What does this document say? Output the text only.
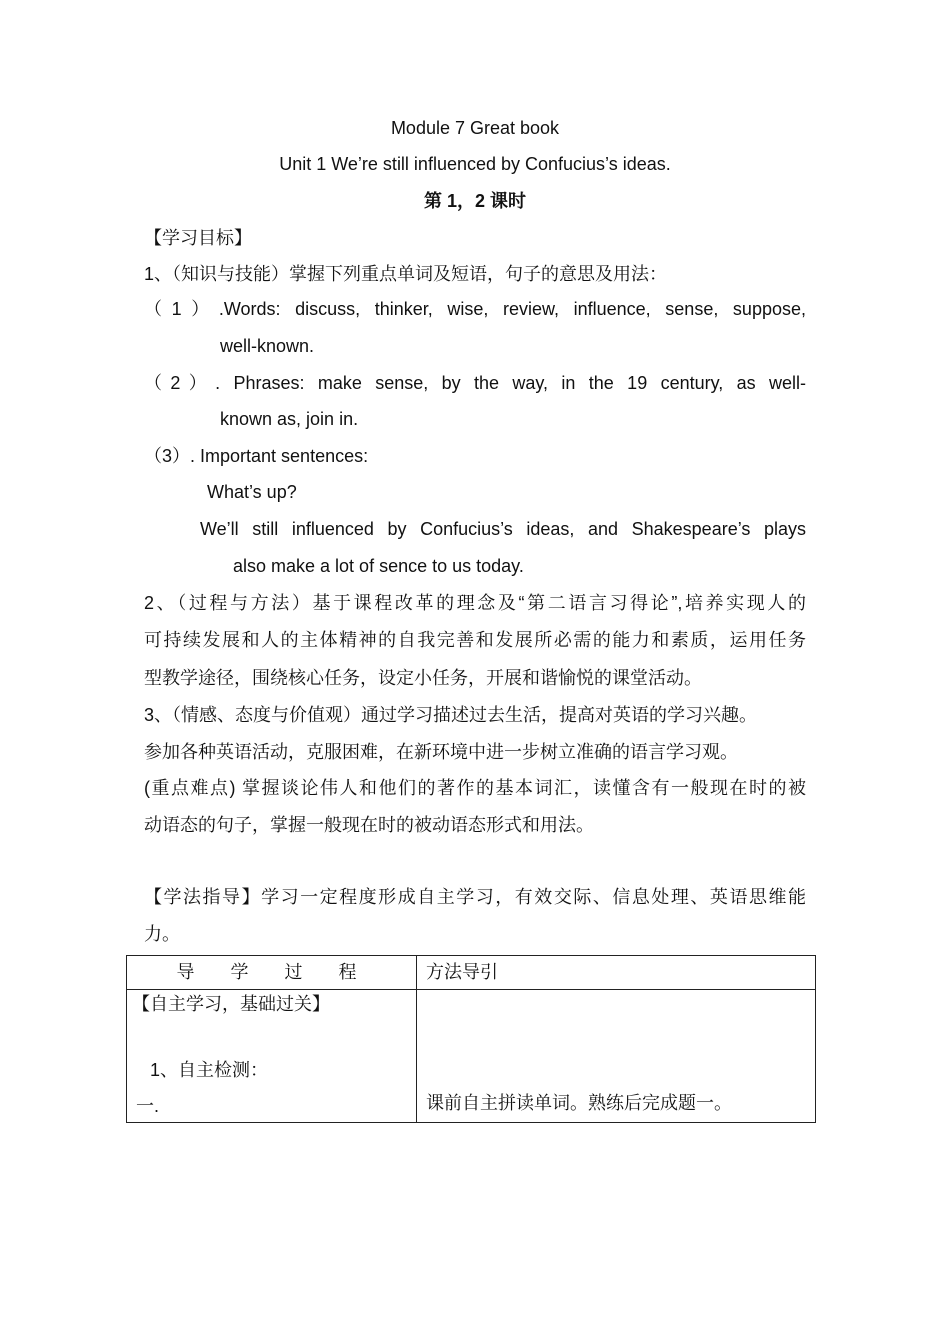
Module 7 Great book
Unit 1 We’re still influenced by Confucius’s ideas.
第 1，2 课时
【学习目标】
1、（知识与技能）掌握下列重点单词及短语，句子的意思及用法：
（1）.Words: discuss, thinker, wise, review, influence, sense, suppose,
well-known.
（2）. Phrases: make sense, by the way, in the 19 century, as well-
known as, join in.
（3）. Important sentences:
What’s up?
We’ll still influenced by Confucius’s ideas, and Shakespeare’s plays
also make a lot of sence to us today.
2、（过程与方法）基于课程改革的理念及“第二语言习得论”,培养实现人的
可持续发展和人的主体精神的自我完善和发展所必需的能力和素质，运用任务
型教学途径，围绕核心任务，设定小任务，开展和谐愉悦的课堂活动。
3、（情感、态度与价值观）通过学习描述过去生活，提高对英语的学习兴趣。
参加各种英语活动，克服困难，在新环境中进一步树立准确的语言学习观。
(重点难点) 掌握谈论伟人和他们的著作的基本词汇，读懂含有一般现在时的被
动语态的句子，掌握一般现在时的被动语态形式和用法。
【学法指导】学习一定程度形成自主学习，有效交际、信息处理、英语思维能
力。
导　　学　　过　　程	方法导引

【自主学习，基础过关】
1、自主检测：
一.	课前自主拼读单词。熟练后完成题一。
